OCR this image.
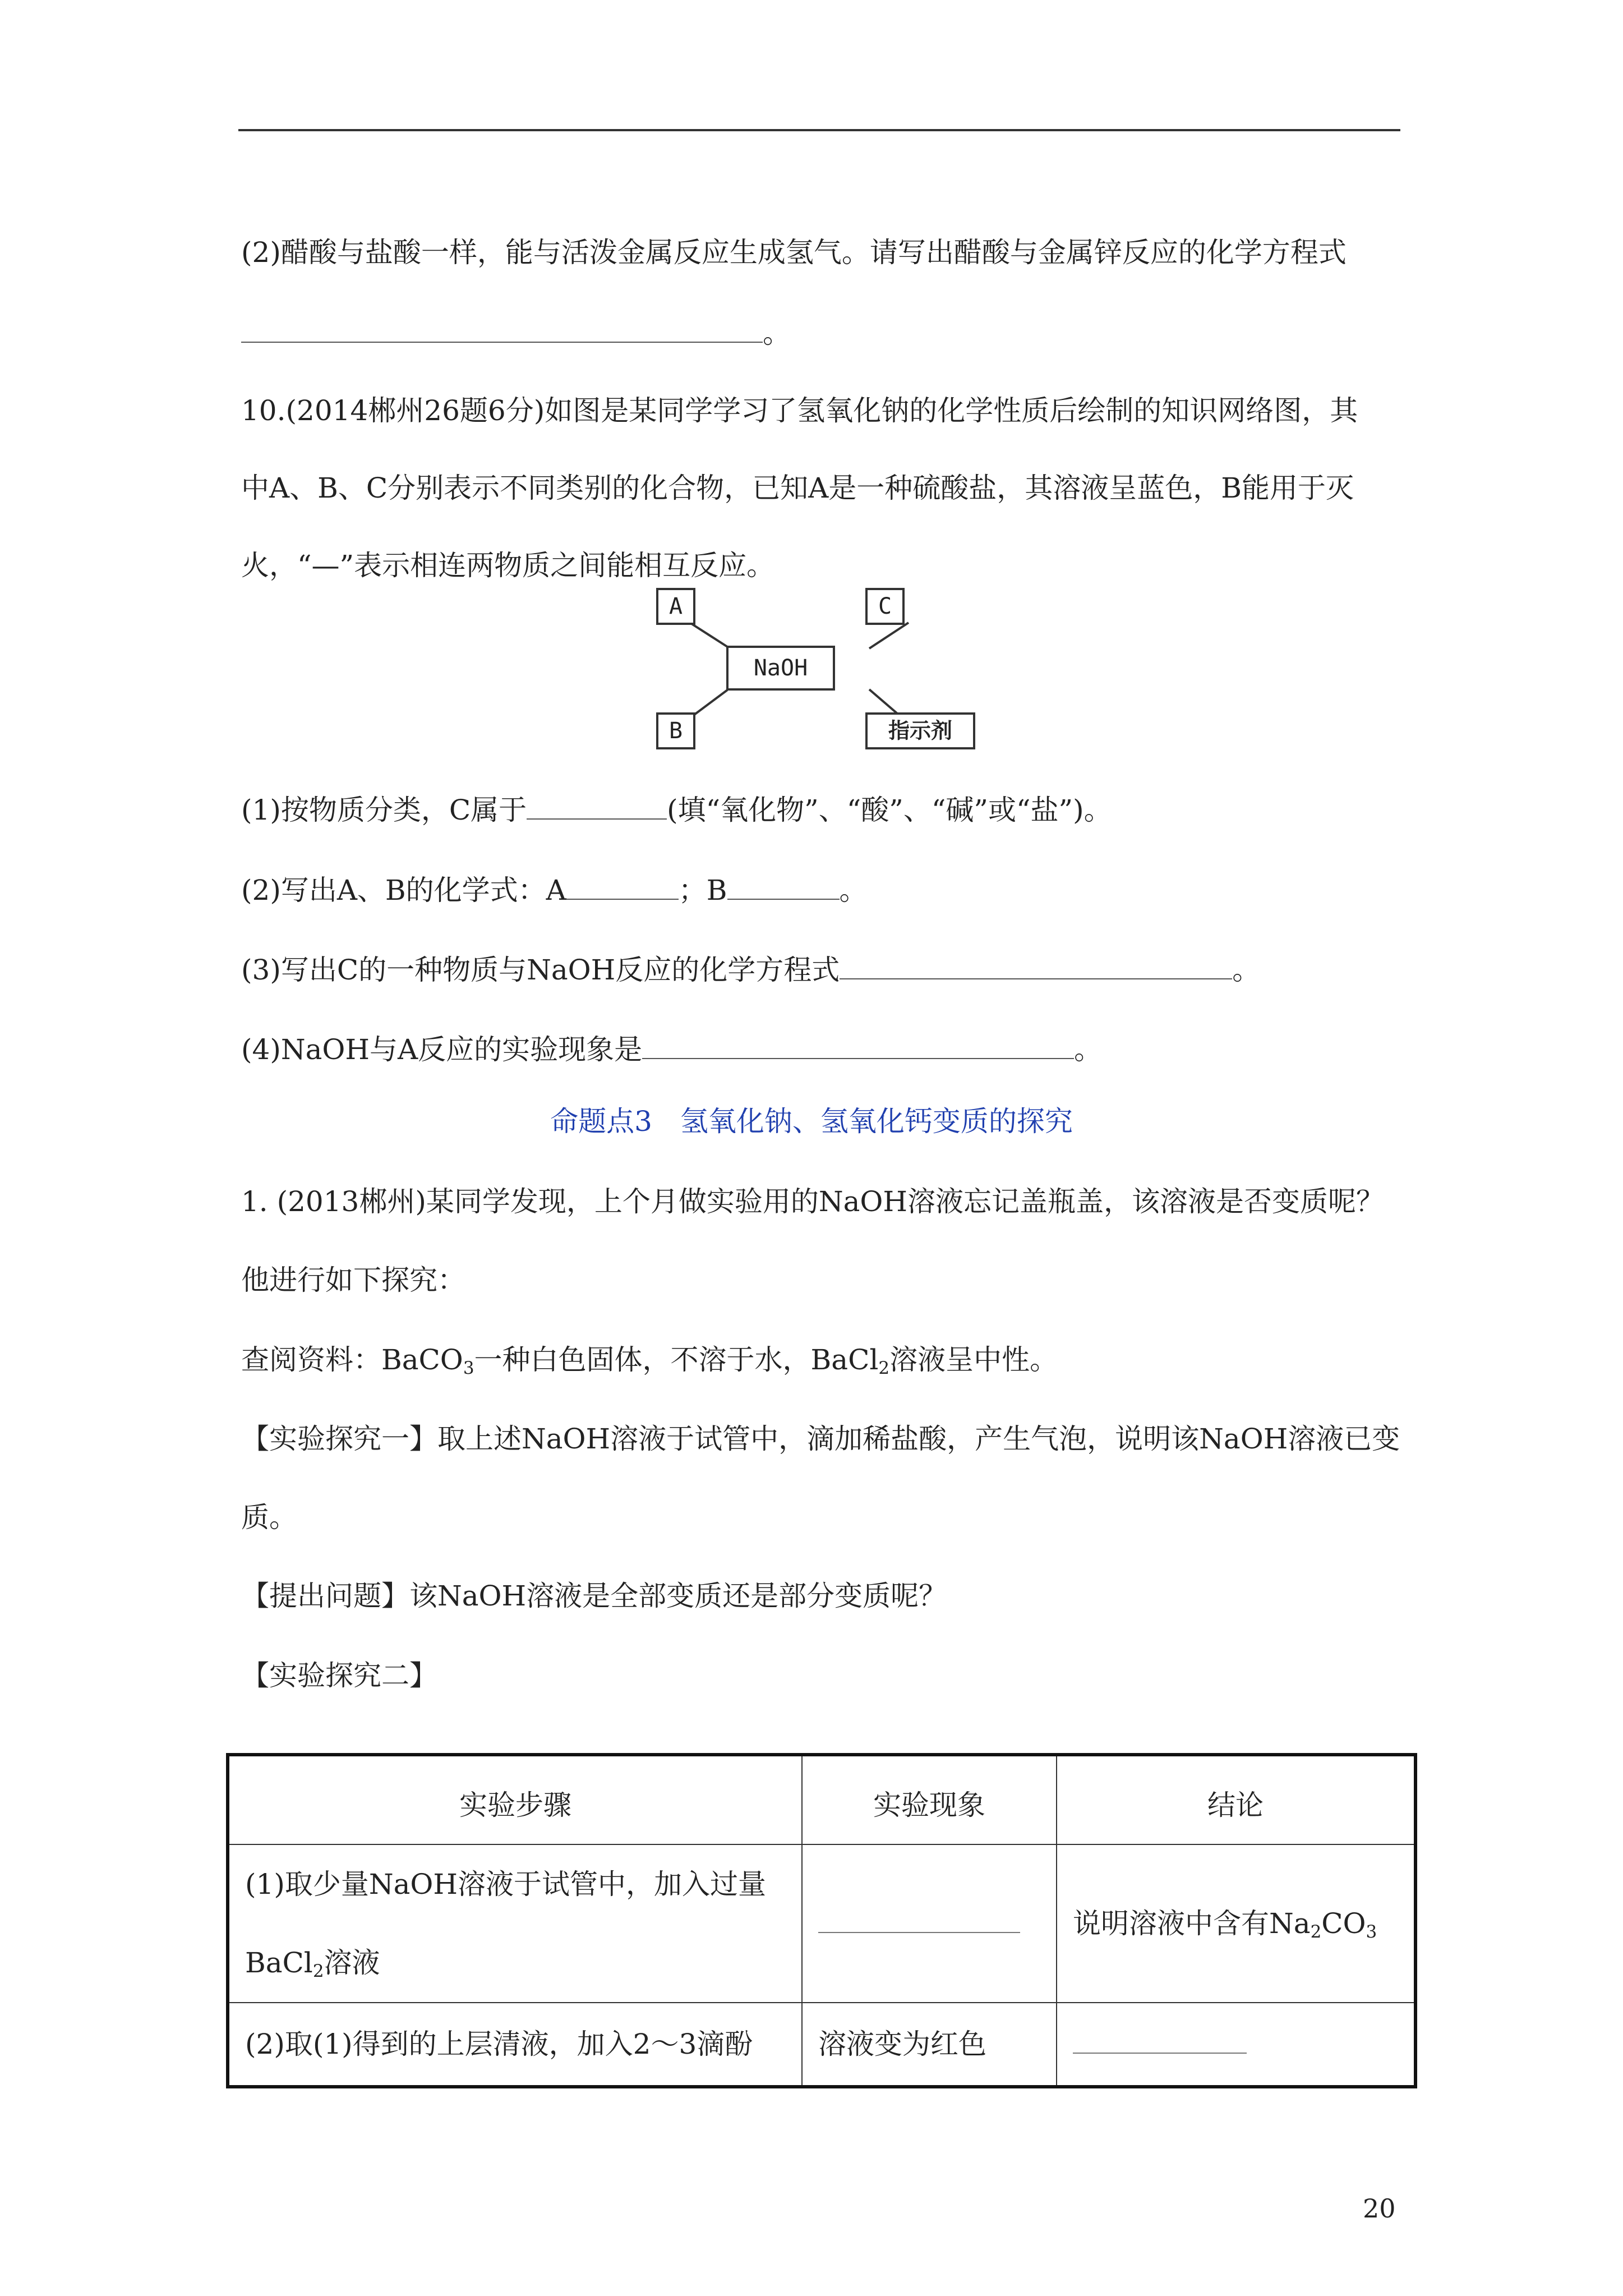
(2)醋酸与盐酸一样，能与活泼金属反应生成氢气。请写出醋酸与金属锌反应的化学方程式
。
10.(2014郴州26题6分)如图是某同学学习了氢氧化钠的化学性质后绘制的知识网络图，其
中A、B、C分别表示不同类别的化合物，已知A是一种硫酸盐，其溶液呈蓝色，B能用于灭
火，“—”表示相连两物质之间能相互反应。
A	C
NaOH
B	指示剂
(1)按物质分类，C属于	(填“氧化物”、“酸”、“碱”或“盐”)。
(2)写出A、B的化学式：A	；B	。
(3)写出C的一种物质与NaOH反应的化学方程式	。
(4)NaOH与A反应的实验现象是	。
命题点3　氢氧化钠、氢氧化钙变质的探究
1. (2013郴州)某同学发现，上个月做实验用的NaOH溶液忘记盖瓶盖，该溶液是否变质呢？
他进行如下探究：
查阅资料：BaCO$_3$一种白色固体，不溶于水，BaCl$_2$溶液呈中性。
【实验探究一】取上述NaOH溶液于试管中，滴加稀盐酸，产生气泡，说明该NaOH溶液已变
质。
【提出问题】该NaOH溶液是全部变质还是部分变质呢？
【实验探究二】
实验步骤	实验现象	结论

(1)取少量NaOH溶液于试管中，加入过量
BaCl$_2$溶液		说明溶液中含有$Na_2CO_3$
(2)取(1)得到的上层清液，加入2～3滴酚	溶液变为红色	
20
